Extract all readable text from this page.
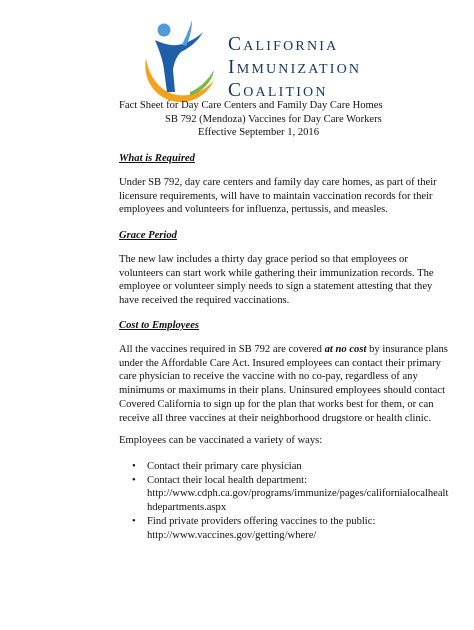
California
Immunization
Coalition
Fact Sheet for Day Care Centers and Family Day Care Homes
SB 792 (Mendoza) Vaccines for Day Care Workers
Effective September 1, 2016
What is Required
Under SB 792, day care centers and family day care homes, as part of their
licensure requirements, will have to maintain vaccination records for their
employees and volunteers for influenza, pertussis, and measles.
Grace Period
The new law includes a thirty day grace period so that employees or
volunteers can start work while gathering their immunization records. The
employee or volunteer simply needs to sign a statement attesting that they
have received the required vaccinations.
Cost to Employees
All the vaccines required in SB 792 are covered at no cost by insurance plans
under the Affordable Care Act. Insured employees can contact their primary
care physician to receive the vaccine with no co-pay, regardless of any
minimums or maximums in their plans. Uninsured employees should contact
Covered California to sign up for the plan that works best for them, or can
receive all three vaccines at their neighborhood drugstore or health clinic.
Employees can be vaccinated a variety of ways:
• Contact their primary care physician
• Contact their local health department:
http://www.cdph.ca.gov/programs/immunize/pages/californialocalhealt
hdepartments.aspx
• Find private providers offering vaccines to the public:
http://www.vaccines.gov/getting/where/
